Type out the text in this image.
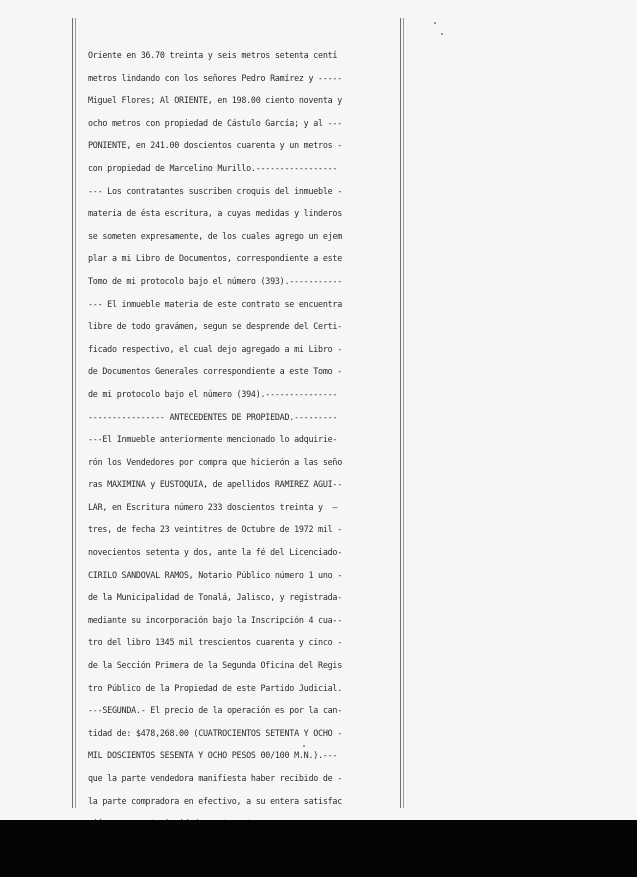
Oriente en 36.70 treinta y seis metros setenta centí
metros lindando con los señores Pedro Ramírez y -----
Miguel Flores; Al ORIENTE, en 198.00 ciento noventa y
ocho metros con propiedad de Cástulo García; y al ---
PONIENTE, en 241.00 doscientos cuarenta y un metros -
con propiedad de Marcelino Murillo.-----------------
--- Los contratantes suscriben croquis del inmueble -
materia de ésta escritura, a cuyas medidas y linderos
se someten expresamente, de los cuales agrego un ejem
plar a mi Libro de Documentos, correspondiente a este
Tomo de mi protocolo bajo el número (393).-----------
--- El inmueble materia de este contrato se encuentra
libre de todo gravámen, segun se desprende del Certi-
ficado respectivo, el cual dejo agregado a mi Libro -
de Documentos Generales correspondiente a este Tomo -
de mi protocolo bajo el número (394).---------------
---------------- ANTECEDENTES DE PROPIEDAD.---------
---El Inmueble anteriormente mencionado lo adquirie-
rón los Vendedores por compra que hicierón a las seño
ras MAXIMINA y EUSTOQUIA, de apellidos RAMIREZ AGUI--
LAR, en Escritura número 233 doscientos treinta y  —
tres, de fecha 23 veintitres de Octubre de 1972 mil -
novecientos setenta y dos, ante la fé del Licenciado-
CIRILO SANDOVAL RAMOS, Notario Público número 1 uno -
de la Municipalidad de Tonalá, Jalisco, y registrada-
mediante su incorporación bajo la Inscripción 4 cua--
tro del libro 1345 mil trescientos cuarenta y cinco -
de la Sección Primera de la Segunda Oficina del Regis
tro Público de la Propiedad de este Partido Judicial.
---SEGUNDA.- El precio de la operación es por la can-
tidad de: $478,268.00 (CUATROCIENTOS SETENTA Y OCHO -
MIL DOSCIENTOS SESENTA Y OCHO PESOS 00/100 M.N.).---
que la parte vendedora manifiesta haber recibido de -
la parte compradora en efectivo, a su entera satisfac
